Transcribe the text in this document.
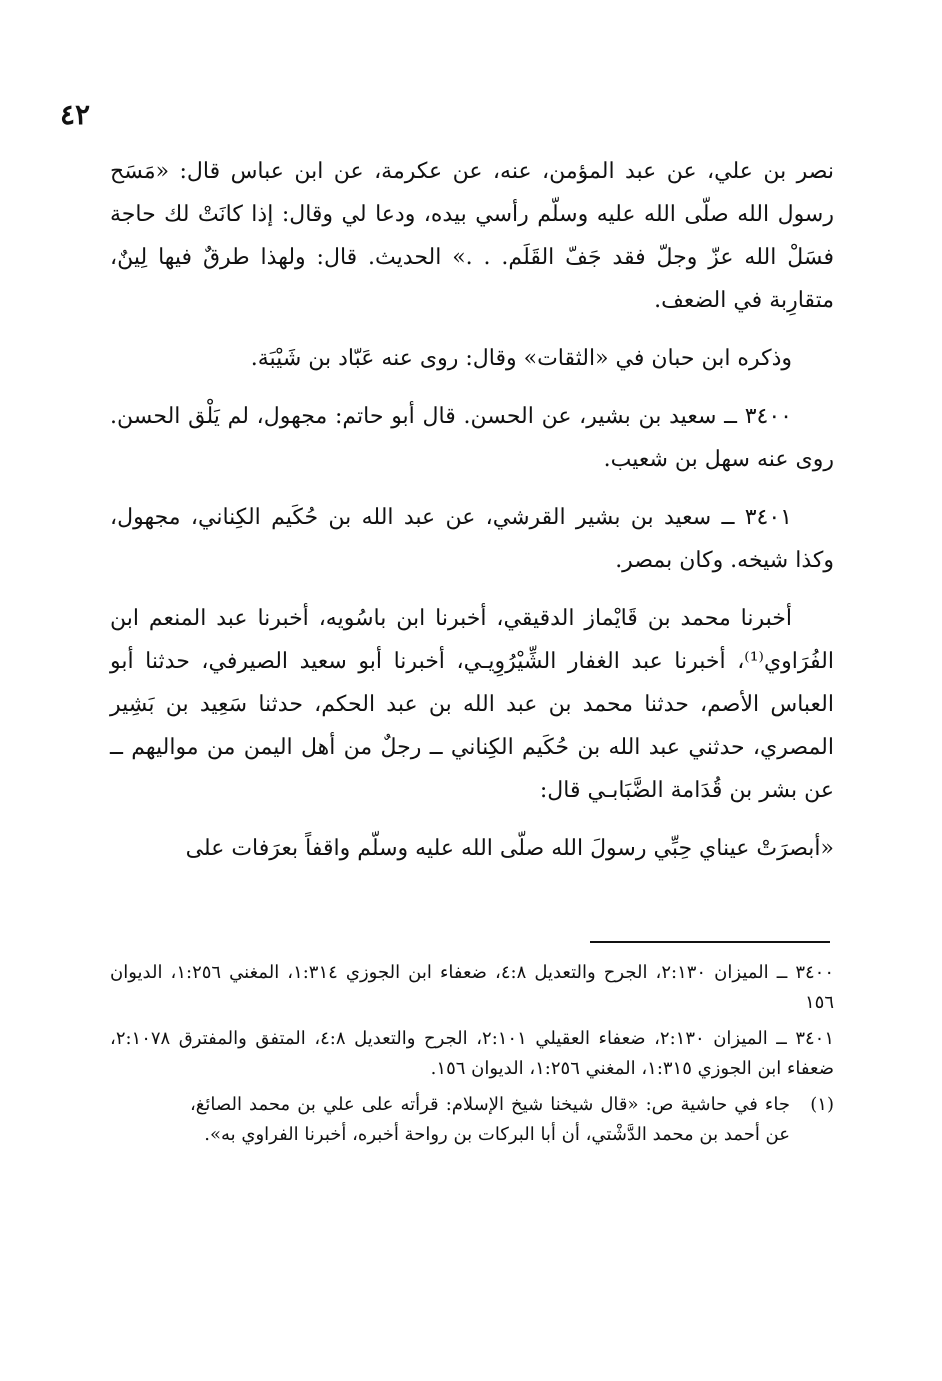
٤٢

نصر بن علي، عن عبد المؤمن، عنه، عن عكرمة، عن ابن عباس قال: «مَسَح رسول الله صلّى الله عليه وسلّم رأسي بيده، ودعا لي وقال: إذا كانَتْ لك حاجة فسَلْ الله عزّ وجلّ فقد جَفّ القَلَم. . .» الحديث. قال: ولهذا طرقٌ فيها لِينٌ، متقارِبة في الضعف.

وذكره ابن حبان في «الثقات» وقال: روى عنه عَبّاد بن شَيْبَة.

٣٤٠٠ ــ سعيد بن بشير، عن الحسن. قال أبو حاتم: مجهول، لم يَلْق الحسن. روى عنه سهل بن شعيب.

٣٤٠١ ــ سعيد بن بشير القرشي، عن عبد الله بن حُكَيم الكِناني، مجهول، وكذا شيخه. وكان بمصر.

أخبرنا محمد بن قَايْماز الدقيقي، أخبرنا ابن باسُويه، أخبرنا عبد المنعم ابن الفُرَاوي⁽¹⁾، أخبرنا عبد الغفار الشِّيْرُوِيـي، أخبرنا أبو سعيد الصيرفي، حدثنا أبو العباس الأصم، حدثنا محمد بن عبد الله بن عبد الحكم، حدثنا سَعِيد بن بَشِير المصري، حدثني عبد الله بن حُكَيم الكِناني ــ رجلٌ من أهل اليمن من مواليهم ــ عن بشر بن قُدَامة الضَّبَابـي قال:

«أبصرَتْ عيناي حِبِّي رسولَ الله صلّى الله عليه وسلّم واقفاً بعرَفات على

٣٤٠٠ ــ الميزان ٢:١٣٠، الجرح والتعديل ٤:٨، ضعفاء ابن الجوزي ١:٣١٤، المغني ١:٢٥٦، الديوان ١٥٦

٣٤٠١ ــ الميزان ٢:١٣٠، ضعفاء العقيلي ٢:١٠١، الجرح والتعديل ٤:٨، المتفق والمفترق ٢:١٠٧٨، ضعفاء ابن الجوزي ١:٣١٥، المغني ١:٢٥٦، الديوان ١٥٦.

(١)
جاء في حاشية ص: «قال شيخنا شيخ الإسلام: قرأته على علي بن محمد الصائغ، عن أحمد بن محمد الدَّشْتي، أن أبا البركات بن رواحة أخبره، أخبرنا الفراوي به».
